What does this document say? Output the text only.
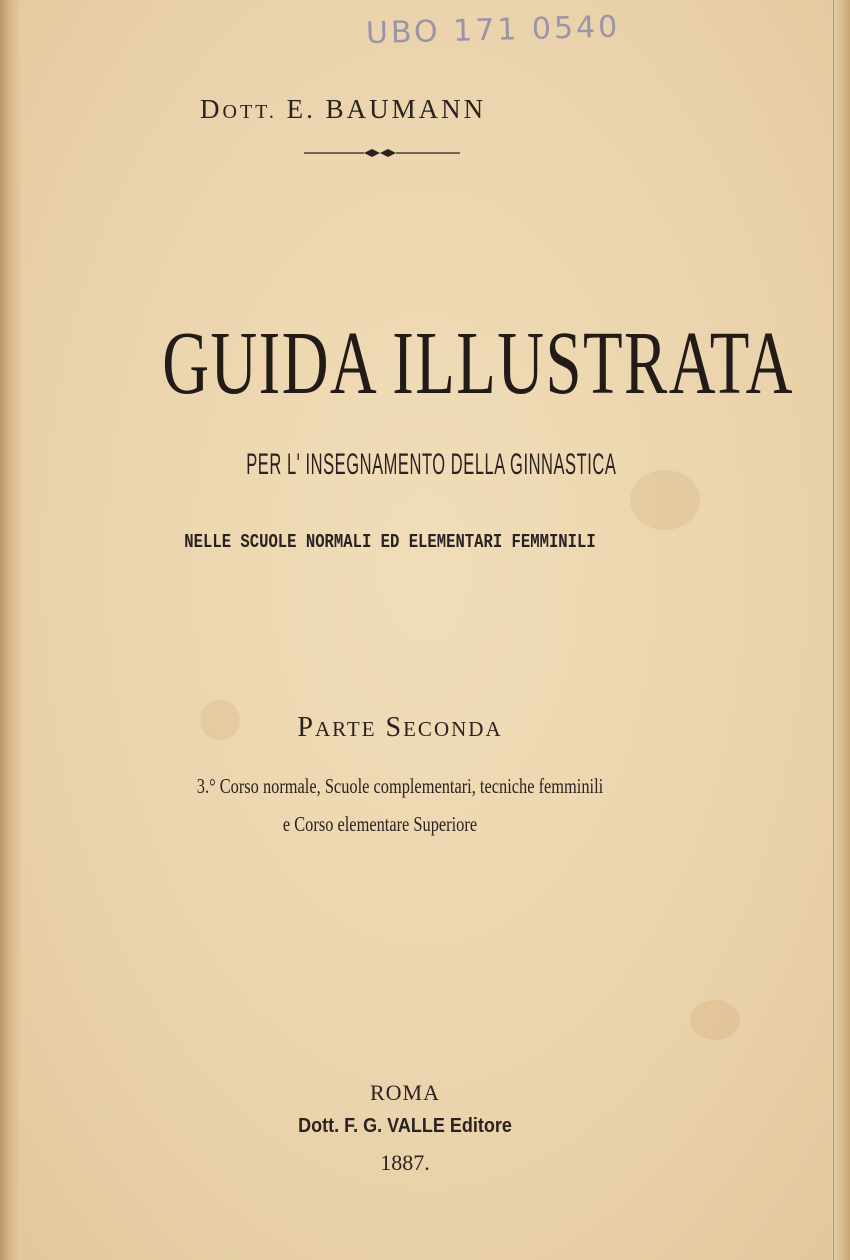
UBO 171 0540
DOTT. E. BAUMANN
GUIDA ILLUSTRATA
PER L' INSEGNAMENTO DELLA GINNASTICA
NELLE SCUOLE NORMALI ED ELEMENTARI FEMMINILI
PARTE SECONDA
3.° Corso normale, Scuole complementari, tecniche femminili
e Corso elementare Superiore
ROMA
Dott. F. G. VALLE Editore
1887.
